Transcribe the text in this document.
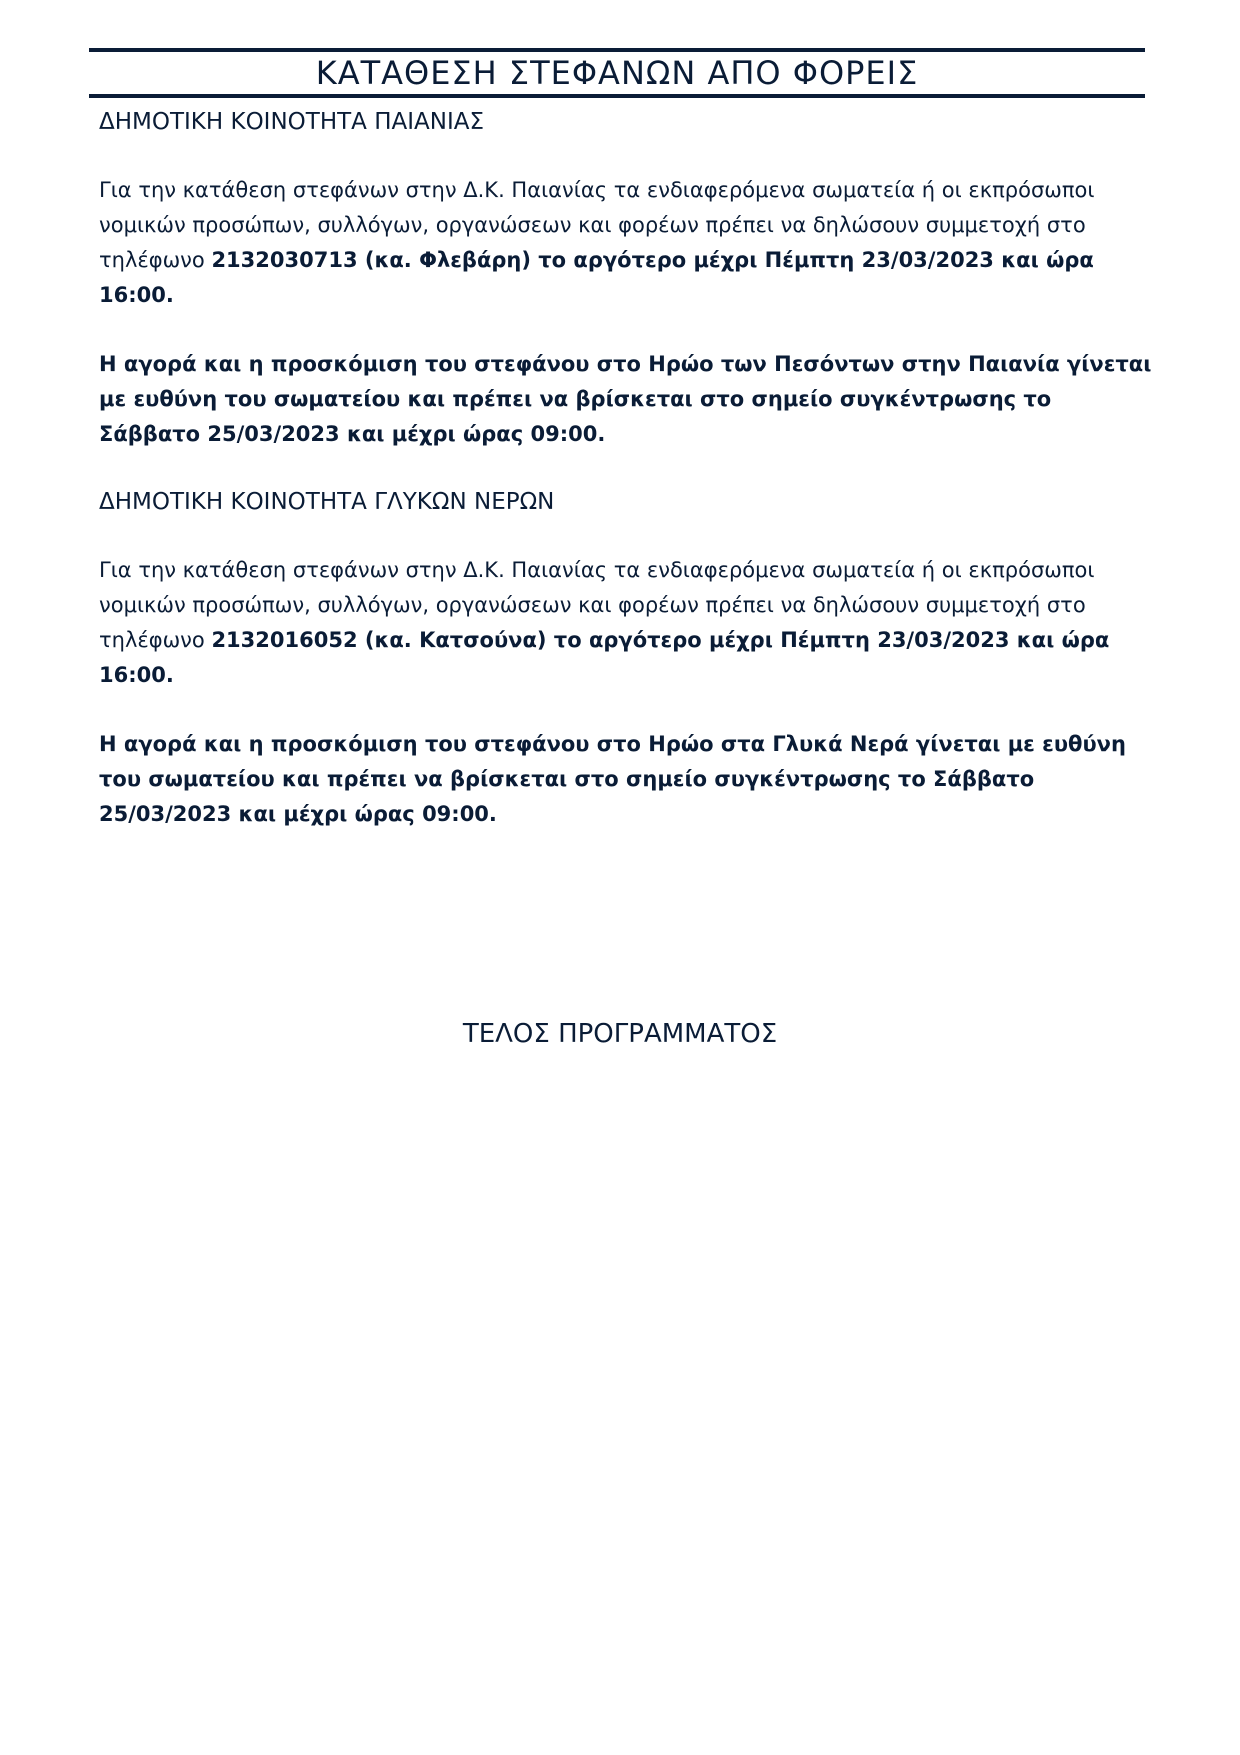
ΚΑΤΑΘΕΣΗ ΣΤΕΦΑΝΩΝ ΑΠΟ ΦΟΡΕΙΣ
ΔΗΜΟΤΙΚΗ ΚΟΙΝΟΤΗΤΑ ΠΑΙΑΝΙΑΣ

Για την κατάθεση στεφάνων στην Δ.Κ. Παιανίας τα ενδιαφερόμενα σωματεία ή οι εκπρόσωποι νομικών προσώπων, συλλόγων, οργανώσεων και φορέων πρέπει να δηλώσουν συμμετοχή στο τηλέφωνο 2132030713 (κα. Φλεβάρη) το αργότερο μέχρι Πέμπτη 23/03/2023 και ώρα 16:00.

Η αγορά και η προσκόμιση του στεφάνου στο Ηρώο των Πεσόντων στην Παιανία γίνεται με ευθύνη του σωματείου και πρέπει να βρίσκεται στο σημείο συγκέντρωσης το Σάββατο 25/03/2023 και μέχρι ώρας 09:00.

ΔΗΜΟΤΙΚΗ ΚΟΙΝΟΤΗΤΑ ΓΛΥΚΩΝ ΝΕΡΩΝ

Για την κατάθεση στεφάνων στην Δ.Κ. Παιανίας τα ενδιαφερόμενα σωματεία ή οι εκπρόσωποι νομικών προσώπων, συλλόγων, οργανώσεων και φορέων πρέπει να δηλώσουν συμμετοχή στο τηλέφωνο 2132016052 (κα. Κατσούνα) το αργότερο μέχρι Πέμπτη 23/03/2023 και ώρα 16:00.

Η αγορά και η προσκόμιση του στεφάνου στο Ηρώο στα Γλυκά Νερά γίνεται με ευθύνη του σωματείου και πρέπει να βρίσκεται στο σημείο συγκέντρωσης το Σάββατο 25/03/2023 και μέχρι ώρας 09:00.

ΤΕΛΟΣ ΠΡΟΓΡΑΜΜΑΤΟΣ
